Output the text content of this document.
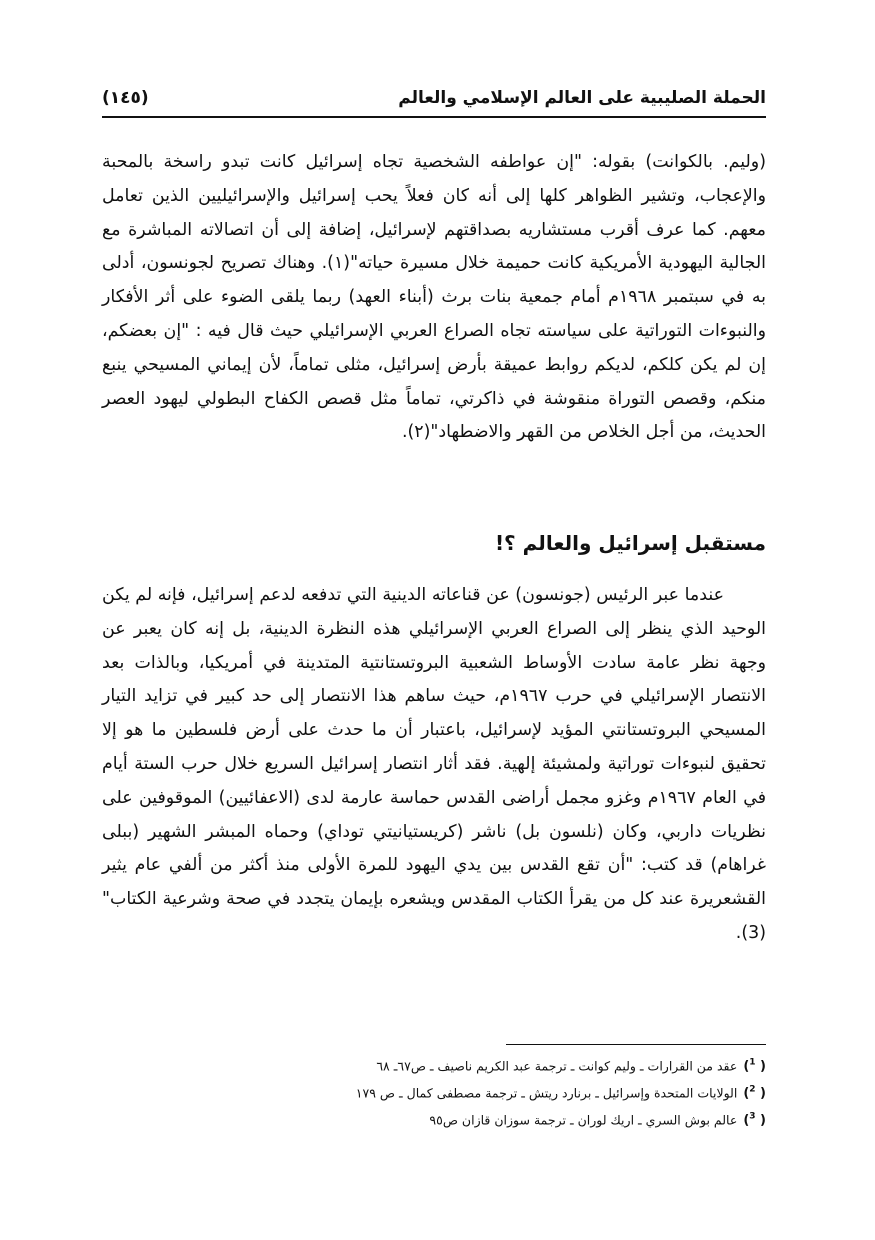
الحملة الصليبية على العالم الإسلامي والعالم
(١٤٥)

(وليم. بالكوانت) بقوله: "إن عواطفه الشخصية تجاه إسرائيل كانت تبدو راسخة بالمحبة والإعجاب، وتشير الظواهر كلها إلى أنه كان فعلاً يحب إسرائيل والإسرائيليين الذين تعامل معهم. كما عرف أقرب مستشاريه بصداقتهم لإسرائيل، إضافة إلى أن اتصالاته المباشرة مع الجالية اليهودية الأمريكية كانت حميمة خلال مسيرة حياته"(١). وهناك تصريح لجونسون، أدلى به في سبتمبر ١٩٦٨م أمام جمعية بنات برث (أبناء العهد) ربما يلقى الضوء على أثر الأفكار والنبوءات التوراتية على سياسته تجاه الصراع العربي الإسرائيلي حيث قال فيه : "إن بعضكم، إن لم يكن كلكم، لديكم روابط عميقة بأرض إسرائيل، مثلى تماماً، لأن إيماني المسيحي ينبع منكم، وقصص التوراة منقوشة في ذاكرتي، تماماً مثل قصص الكفاح البطولي ليهود العصر الحديث، من أجل الخلاص من القهر والاضطهاد"(٢).

مستقبل إسرائيل والعالم ؟!

عندما عبر الرئيس (جونسون) عن قناعاته الدينية التي تدفعه لدعم إسرائيل، فإنه لم يكن الوحيد الذي ينظر إلى الصراع العربي الإسرائيلي هذه النظرة الدينية، بل إنه كان يعبر عن وجهة نظر عامة سادت الأوساط الشعبية البروتستانتية المتدينة في أمريكيا، وبالذات بعد الانتصار الإسرائيلي في حرب ١٩٦٧م، حيث ساهم هذا الانتصار إلى حد كبير في تزايد التيار المسيحي البروتستانتي المؤيد لإسرائيل، باعتبار أن ما حدث على أرض فلسطين ما هو إلا تحقيق لنبوءات توراتية ولمشيئة إلهية. فقد أثار انتصار إسرائيل السريع خلال حرب الستة أيام في العام ١٩٦٧م وغزو مجمل أراضى القدس حماسة عارمة لدى (الاعفائيين) الموقوفين على نظريات داربي، وكان (نلسون بل) ناشر (كريستيانيتي توداي) وحماه المبشر الشهير (ببلى غراهام) قد كتب: "أن تقع القدس بين يدي اليهود للمرة الأولى منذ أكثر من ألفي عام يثير القشعريرة عند كل من يقرأ الكتاب المقدس ويشعره بإيمان يتجدد في صحة وشرعية الكتاب"(3).

( $^1$)عقد من القرارات ـ وليم كوانت ـ ترجمة عبد الكريم ناصيف ـ ص٦٧ـ ٦٨
( $^2$)الولايات المتحدة وإسرائيل ـ برنارد ريتش ـ ترجمة مصطفى كمال ـ ص ١٧٩
( $^3$)عالم بوش السري ـ اريك لوران ـ ترجمة سوزان قازان ص٩٥
